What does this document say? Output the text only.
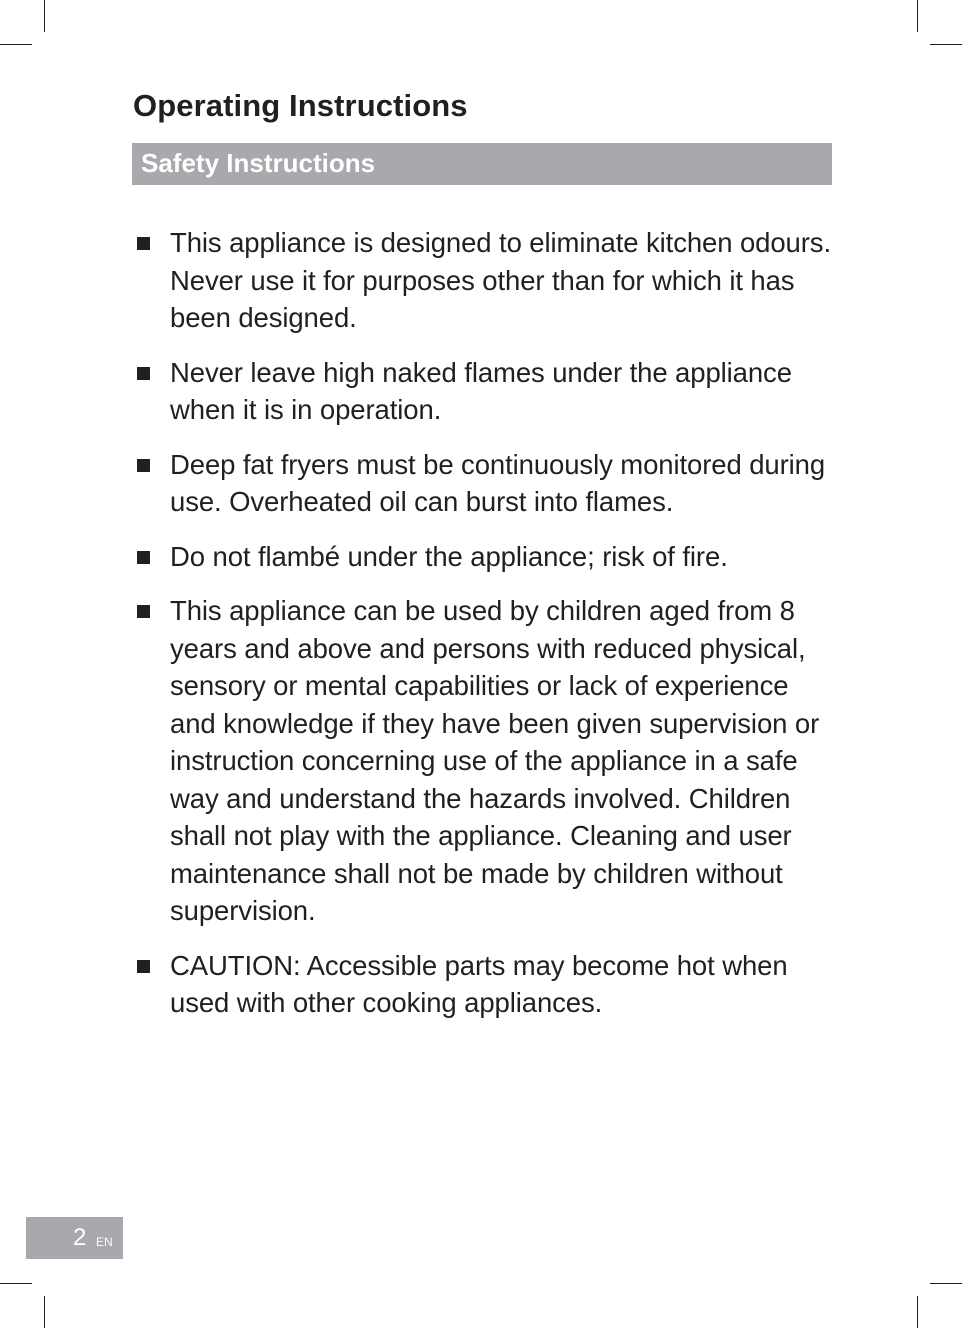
Operating Instructions
Safety Instructions
This appliance is designed to eliminate kitchen odours. Never use it for purposes other than for which it has been designed.
Never leave high naked flames under the appliance when it is in operation.
Deep fat fryers must be continuously monitored during use. Overheated oil can burst into flames.
Do not flambé under the appliance; risk of fire.
This appliance can be used by children aged from 8 years and above and persons with reduced physical, sensory or mental capabilities or lack of experience and knowledge if they have been given supervision or instruction concerning use of the appliance in a safe way and understand the hazards involved. Children shall not play with the appliance. Cleaning and user maintenance shall not be made by children without supervision.
CAUTION: Accessible parts may become hot when used with other cooking appliances.
2 EN
